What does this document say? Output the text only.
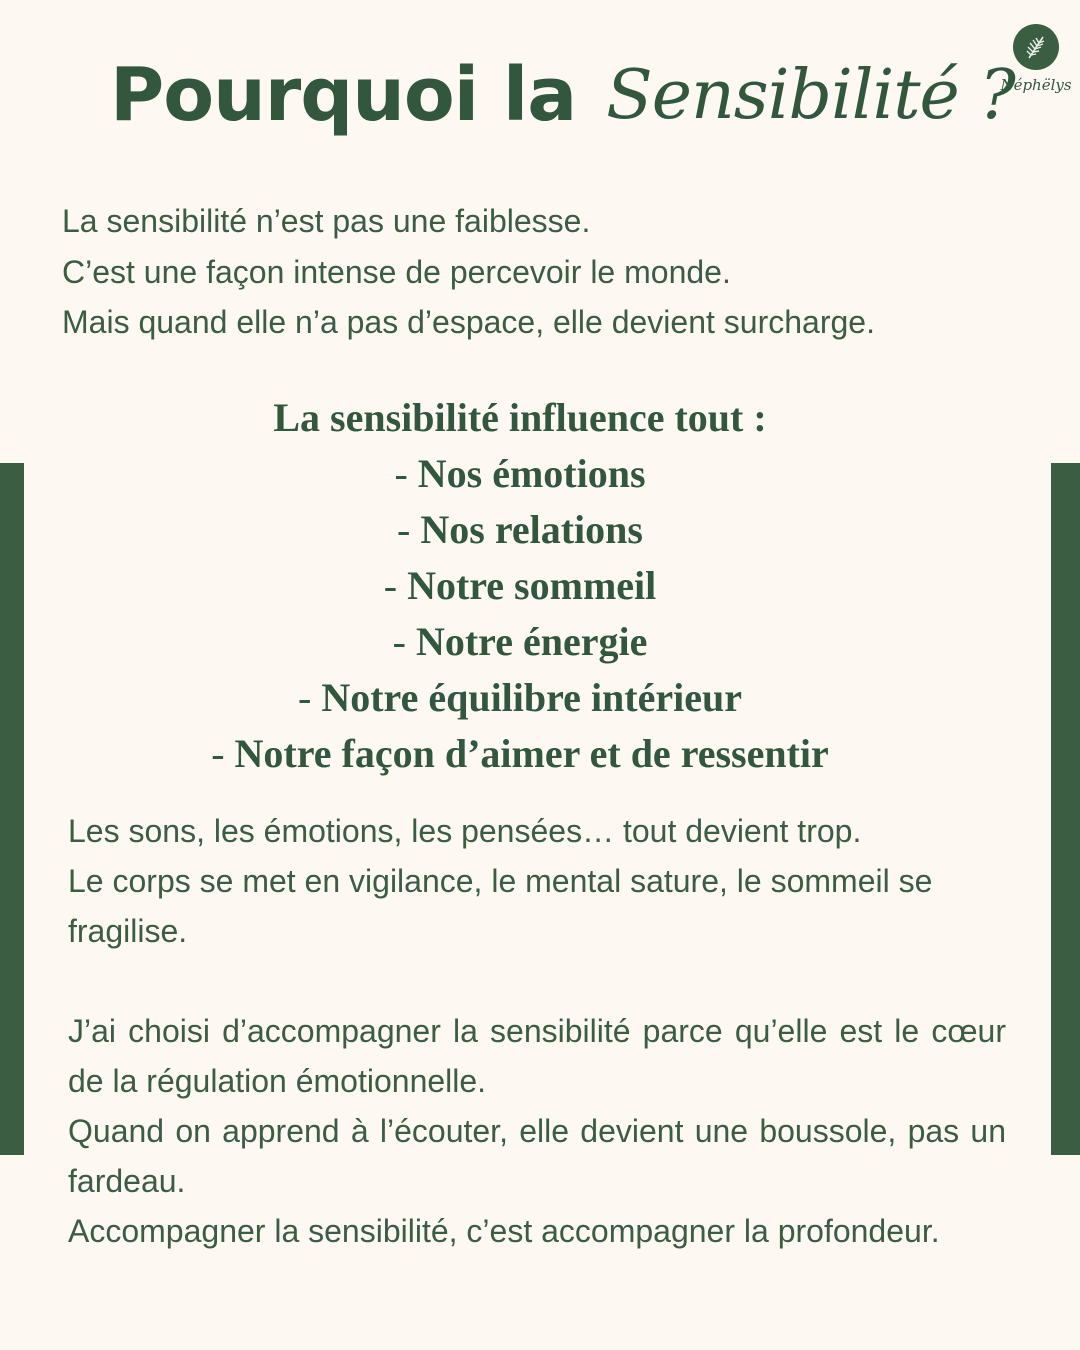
Pourquoi la Sensibilité ?
Néphëlys
La sensibilité n’est pas une faiblesse.
C’est une façon intense de percevoir le monde.
Mais quand elle n’a pas d’espace, elle devient surcharge.
La sensibilité influence tout :
- Nos émotions
- Nos relations
- Notre sommeil
- Notre énergie
- Notre équilibre intérieur
- Notre façon d’aimer et de ressentir
Les sons, les émotions, les pensées… tout devient trop.
Le corps se met en vigilance, le mental sature, le sommeil se fragilise.
J’ai choisi d’accompagner la sensibilité parce qu’elle est le cœur de la régulation émotionnelle.
Quand on apprend à l’écouter, elle devient une boussole, pas un fardeau.
Accompagner la sensibilité, c’est accompagner la profondeur.
